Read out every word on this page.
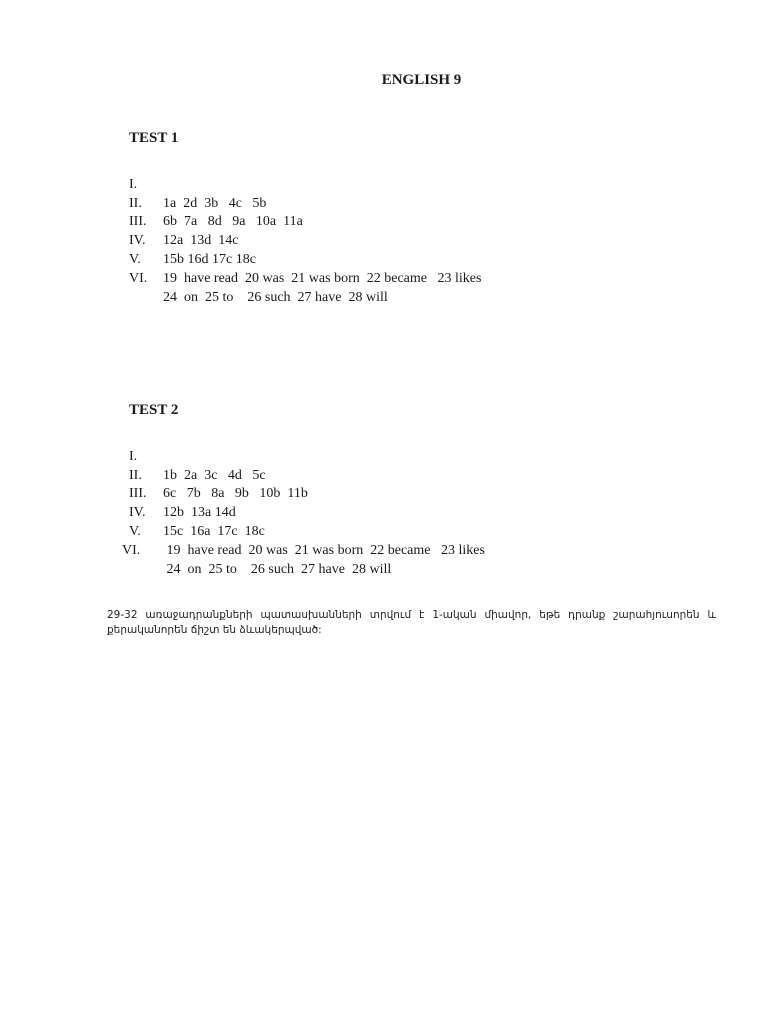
ENGLISH 9
TEST 1

I.

1a  2d  3b   4c   5b

II.

6b  7a   8d   9a   10a  11a

III.

12a  13d  14c

IV.

15b 16d 17c 18c

V.

19  have read  20 was  21 was born  22 became   23 likes

VI.

24  on  25 to    26 such  27 have  28 will

TEST 2

I.

1b  2a  3c   4d   5c

II.

6c   7b   8a   9b   10b  11b

III.

12b  13a 14d

IV.

15c  16a  17c  18c

V.

19  have read  20 was  21 was born  22 became   23 likes

VI.

24  on  25 to    26 such  27 have  28 will

29-32 առաջադրանքների պատասխանների տրվում է 1-ական միավոր, եթե դրանք շարահյուսորեն և քերականորեն ճիշտ են ձևակերպված:
